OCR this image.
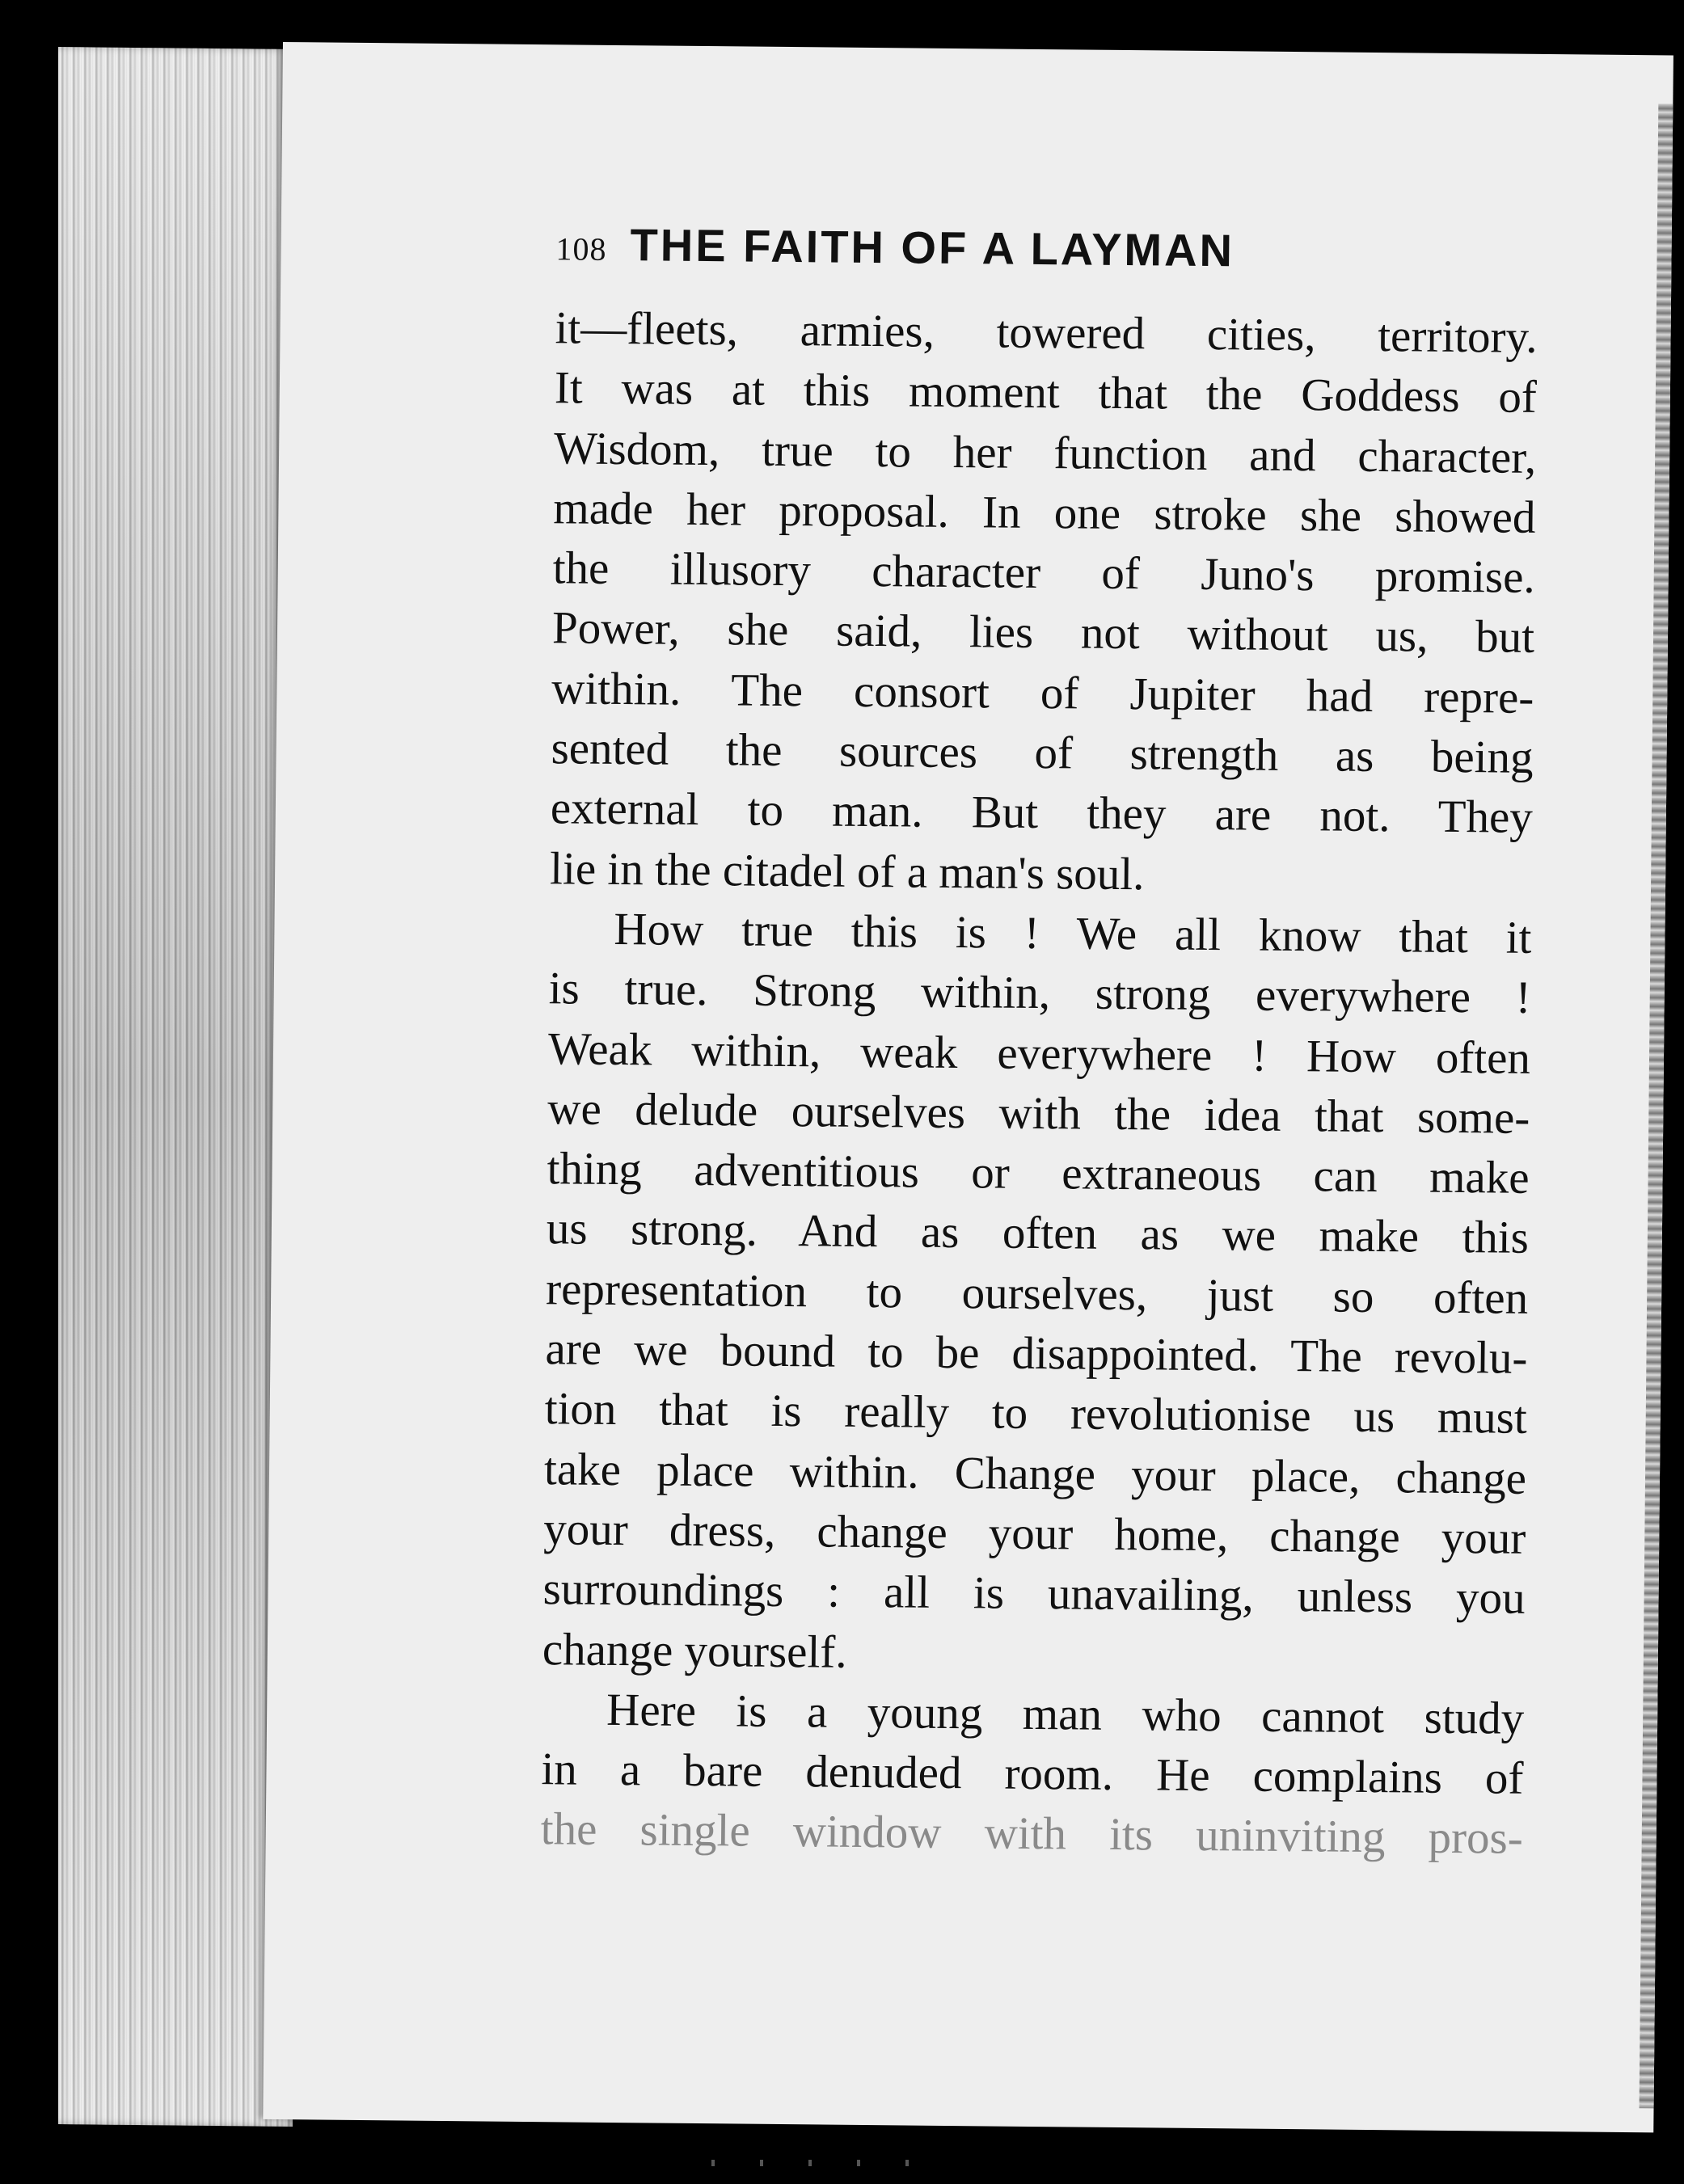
108 THE FAITH OF A LAYMAN
it—fleets, armies, towered cities, territory.
It was at this moment that the Goddess of
Wisdom, true to her function and character,
made her proposal. In one stroke she showed
the illusory character of Juno's promise.
Power, she said, lies not without us, but
within. The consort of Jupiter had repre-
sented the sources of strength as being
external to man. But they are not. They
lie in the citadel of a man's soul.
How true this is ! We all know that it
is true. Strong within, strong everywhere !
Weak within, weak everywhere ! How often
we delude ourselves with the idea that some-
thing adventitious or extraneous can make
us strong. And as often as we make this
representation to ourselves, just so often
are we bound to be disappointed. The revolu-
tion that is really to revolutionise us must
take place within. Change your place, change
your dress, change your home, change your
surroundings : all is unavailing, unless you
change yourself.
Here is a young man who cannot study
in a bare denuded room. He complains of
the single window with its uninviting pros-
